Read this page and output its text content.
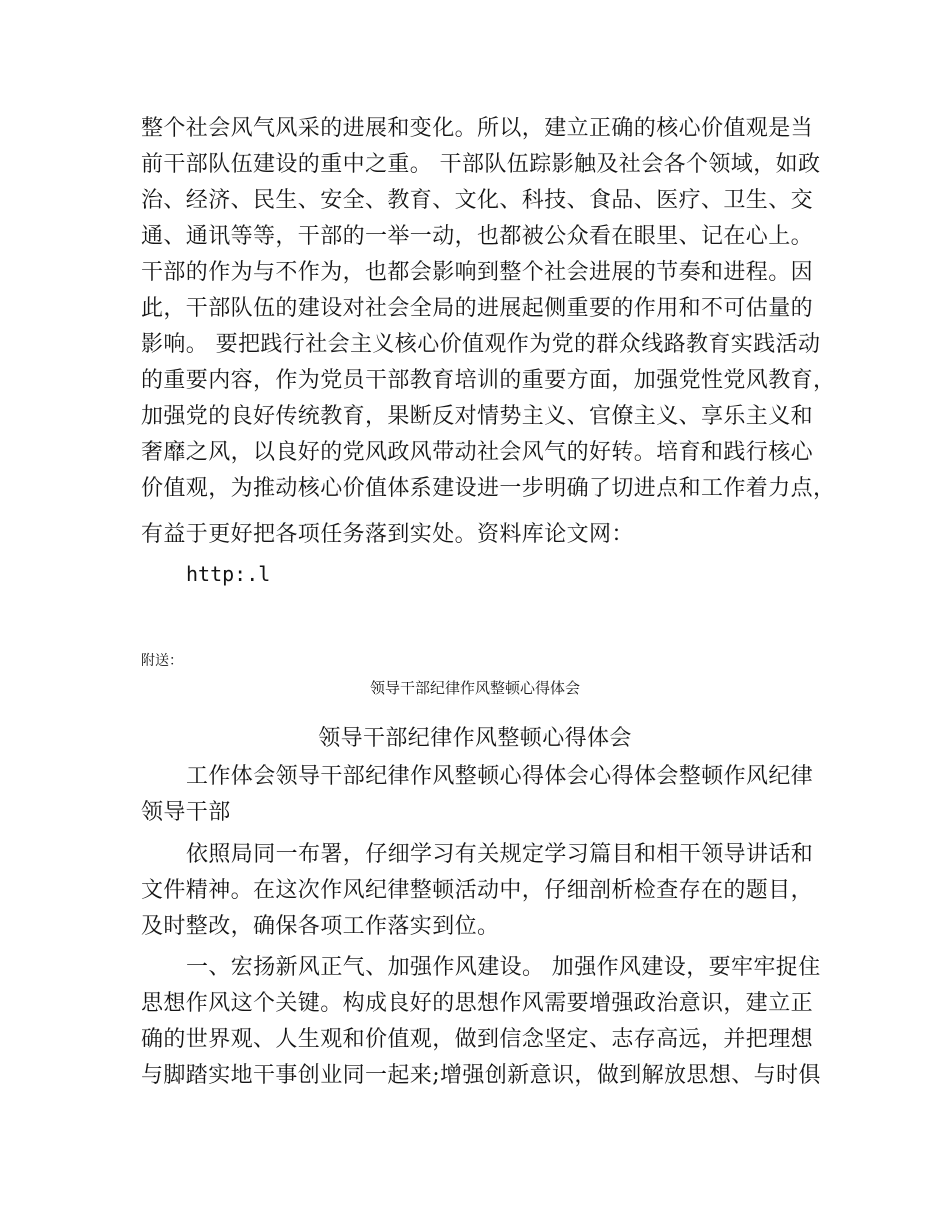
整个社会风气风采的进展和变化。所以，建立正确的核心价值观是当
前干部队伍建设的重中之重。 干部队伍踪影触及社会各个领域，如政
治、经济、民生、安全、教育、文化、科技、食品、医疗、卫生、交
通、通讯等等，干部的一举一动，也都被公众看在眼里、记在心上。
干部的作为与不作为，也都会影响到整个社会进展的节奏和进程。因
此，干部队伍的建设对社会全局的进展起侧重要的作用和不可估量的
影响。 要把践行社会主义核心价值观作为党的群众线路教育实践活动
的重要内容，作为党员干部教育培训的重要方面，加强党性党风教育，
加强党的良好传统教育，果断反对情势主义、官僚主义、享乐主义和
奢靡之风，以良好的党风政风带动社会风气的好转。培育和践行核心
价值观，为推动核心价值体系建设进一步明确了切进点和工作着力点，
有益于更好把各项任务落到实处。资料库论文网：
http:.l
附送：
领导干部纪律作风整顿心得体会
领导干部纪律作风整顿心得体会
工作体会领导干部纪律作风整顿心得体会心得体会整顿作风纪律
领导干部
依照局同一布署，仔细学习有关规定学习篇目和相干领导讲话和
文件精神。在这次作风纪律整顿活动中，仔细剖析检查存在的题目，
及时整改，确保各项工作落实到位。
一、宏扬新风正气、加强作风建设。 加强作风建设，要牢牢捉住
思想作风这个关键。构成良好的思想作风需要增强政治意识，建立正
确的世界观、人生观和价值观，做到信念坚定、志存高远，并把理想
与脚踏实地干事创业同一起来;增强创新意识，做到解放思想、与时俱
